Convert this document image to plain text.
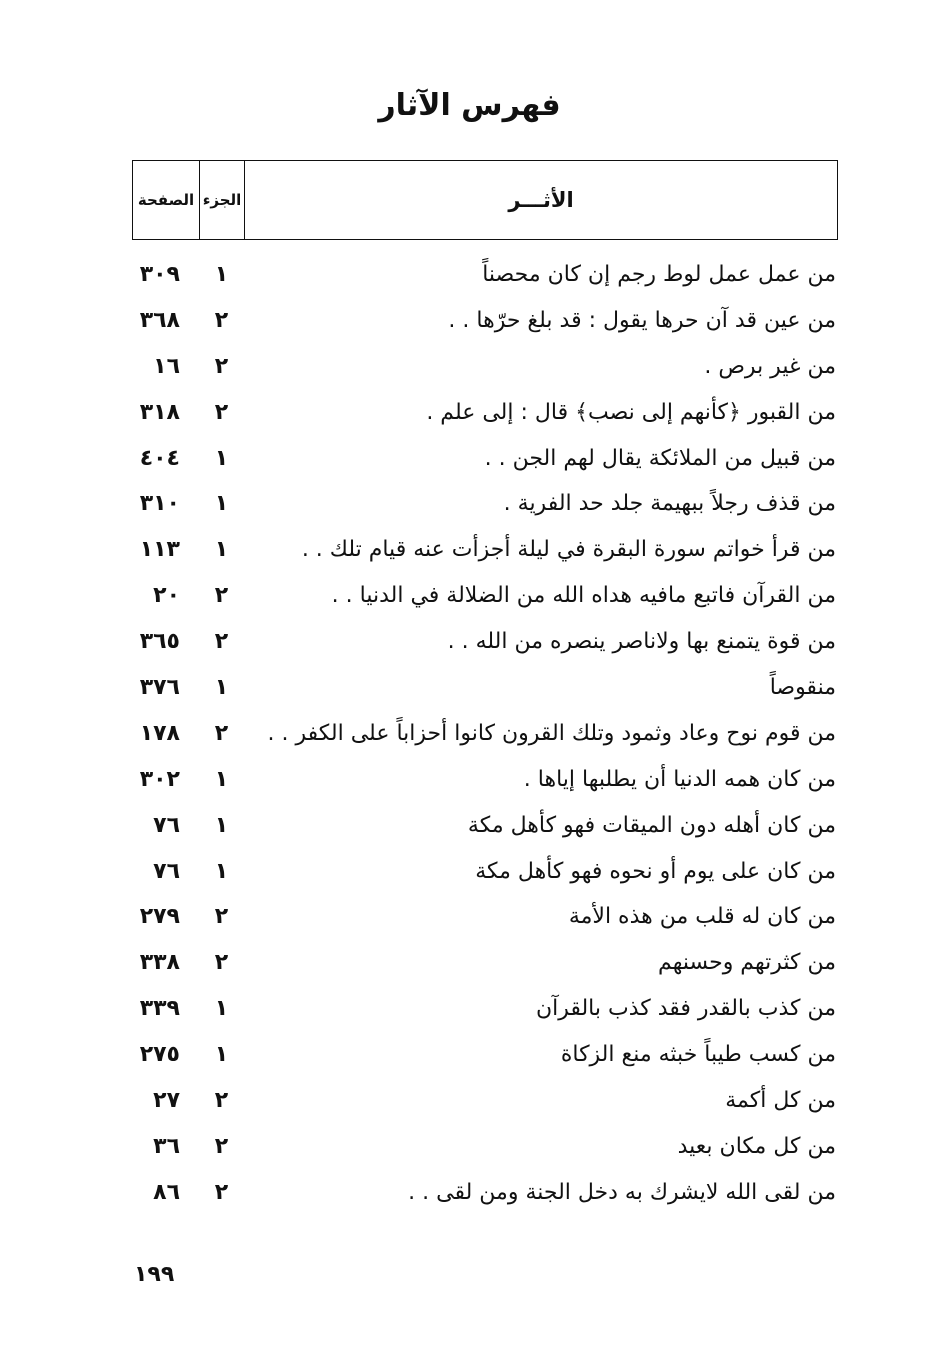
فهرس الآثار
الصفحة الجزء	الأثـــر
من عمل عمل لوط رجم إن كان محصناً
١
٣٠٩
من عين قد آن حرها يقول : قد بلغ حرّها . .
٢
٣٦٨
من غير برص .
٢
١٦
من القبور ﴿كأنهم إلى نصب﴾ قال : إلى علم .
٢
٣١٨
من قبيل من الملائكة يقال لهم الجن . .
١
٤٠٤
من قذف رجلاً ببهيمة جلد حد الفرية .
١
٣١٠
من قرأ خواتم سورة البقرة في ليلة أجزأت عنه قيام تلك . .
١
١١٣
من القرآن فاتبع مافيه هداه الله من الضلالة في الدنيا . .
٢
٢٠
من قوة يتمنع بها ولاناصر ينصره من الله . .
٢
٣٦٥
منقوصاً
١
٣٧٦
من قوم نوح وعاد وثمود وتلك القرون كانوا أحزاباً على الكفر . .
٢
١٧٨
من كان همه الدنيا أن يطلبها إياها .
١
٣٠٢
من كان أهله دون الميقات فهو كأهل مكة
١
٧٦
من كان على يوم أو نحوه فهو كأهل مكة
١
٧٦
من كان له قلب من هذه الأمة
٢
٢٧٩
من كثرتهم وحسنهم
٢
٣٣٨
من كذب بالقدر فقد كذب بالقرآن
١
٣٣٩
من كسب طيباً خبثه منع الزكاة
١
٢٧٥
من كل أكمة
٢
٢٧
من كل مكان بعيد
٢
٣٦
من لقى الله لايشرك به دخل الجنة ومن لقى . .
٢
٨٦
١٩٩
